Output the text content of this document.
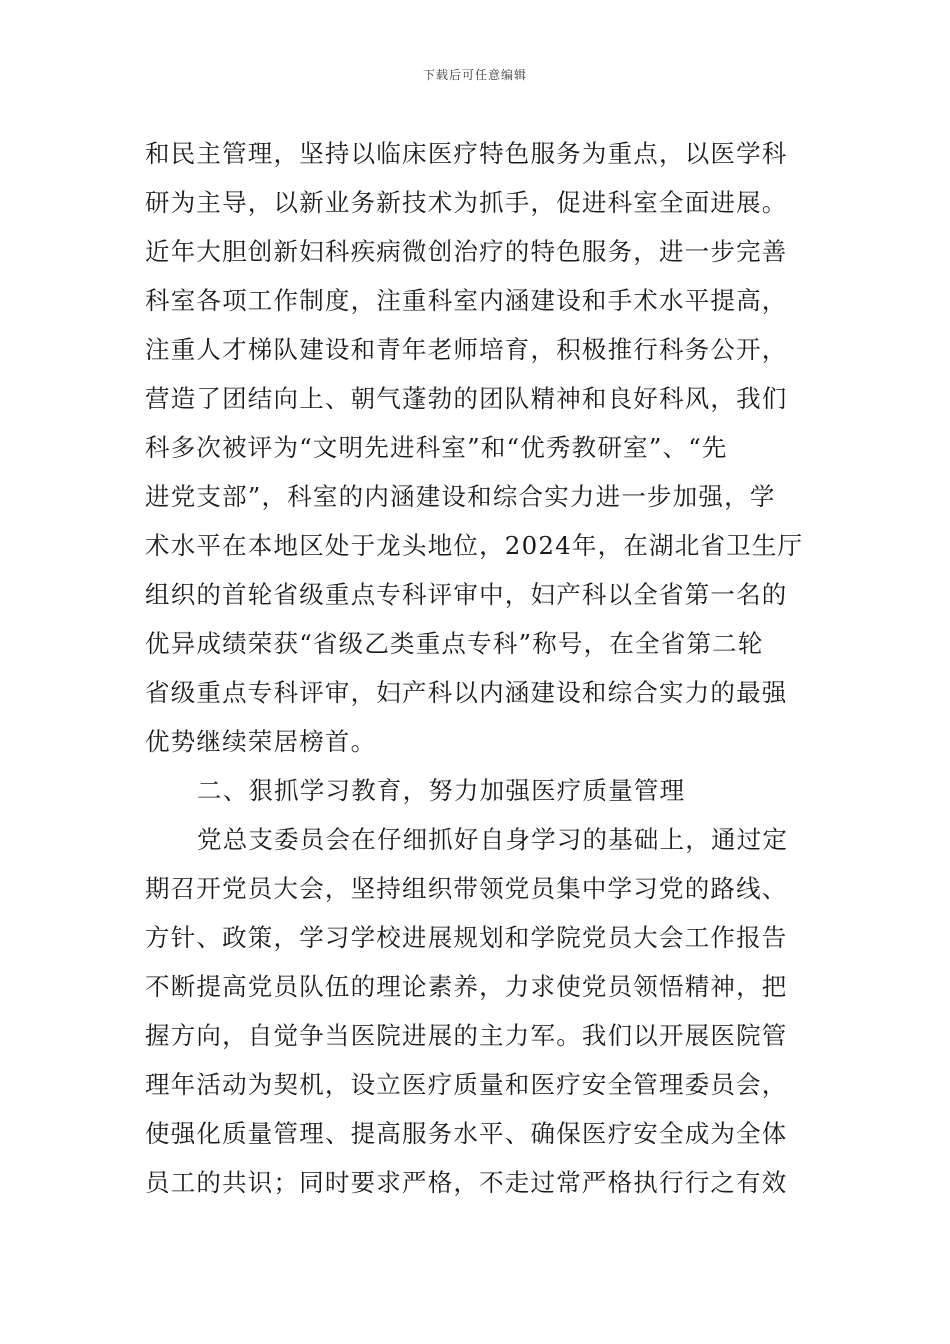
下载后可任意编辑
和民主管理，坚持以临床医疗特色服务为重点，以医学科
研为主导，以新业务新技术为抓手，促进科室全面进展。
近年大胆创新妇科疾病微创治疗的特色服务，进一步完善
科室各项工作制度，注重科室内涵建设和手术水平提高，
注重人才梯队建设和青年老师培育，积极推行科务公开，
营造了团结向上、朝气蓬勃的团队精神和良好科风，我们
科多次被评为“文明先进科室”和“优秀教研室”、“先
进党支部”，科室的内涵建设和综合实力进一步加强，学
术水平在本地区处于龙头地位，2024年，在湖北省卫生厅
组织的首轮省级重点专科评审中，妇产科以全省第一名的
优异成绩荣获“省级乙类重点专科”称号，在全省第二轮
省级重点专科评审，妇产科以内涵建设和综合实力的最强
优势继续荣居榜首。
二、狠抓学习教育，努力加强医疗质量管理
党总支委员会在仔细抓好自身学习的基础上，通过定
期召开党员大会，坚持组织带领党员集中学习党的路线、
方针、政策，学习学校进展规划和学院党员大会工作报告
不断提高党员队伍的理论素养，力求使党员领悟精神，把
握方向，自觉争当医院进展的主力军。我们以开展医院管
理年活动为契机，设立医疗质量和医疗安全管理委员会，
使强化质量管理、提高服务水平、确保医疗安全成为全体
员工的共识；同时要求严格，不走过常严格执行行之有效
